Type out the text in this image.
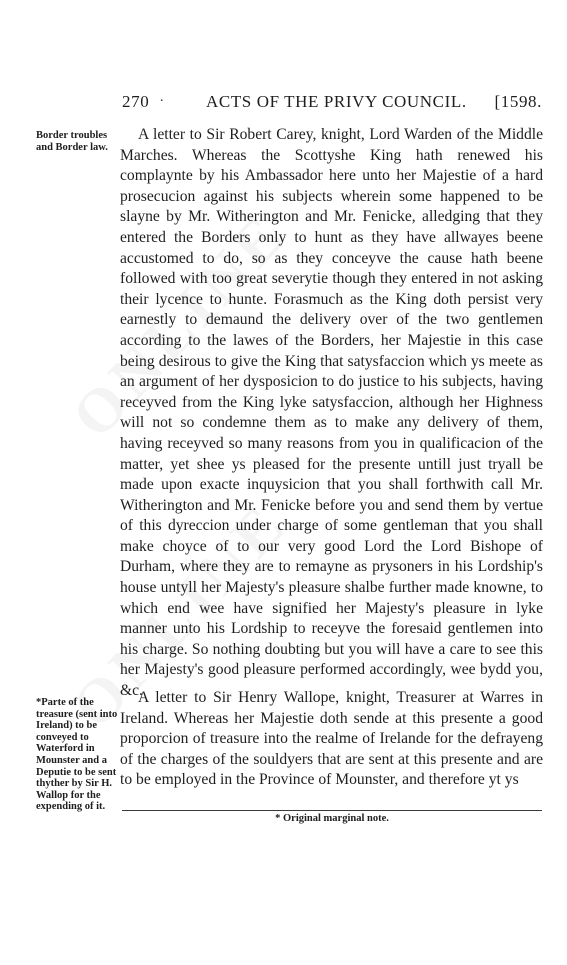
270 . ACTS OF THE PRIVY COUNCIL. [1598.

Border troubles and Border law.

A letter to Sir Robert Carey, knight, Lord Warden of the Middle Marches. Whereas the Scottyshe King hath renewed his complaynte by his Ambassador here unto her Majestie of a hard prosecucion against his subjects wherein some happened to be slayne by Mr. Witherington and Mr. Fenicke, alledging that they entered the Borders only to hunt as they have allwayes beene accustomed to do, so as they conceyve the cause hath beene followed with too great severytie though they entered in not asking their lycence to hunte. Forasmuch as the King doth persist very earnestly to demaund the delivery over of the two gentlemen according to the lawes of the Borders, her Majestie in this case being desirous to give the King that satysfaccion which ys meete as an argument of her dysposicion to do justice to his subjects, having receyved from the King lyke satysfaccion, although her Highness will not so condemne them as to make any delivery of them, having receyved so many reasons from you in qualificacion of the matter, yet shee ys pleased for the presente untill just tryall be made upon exacte inquysicion that you shall forthwith call Mr. Witherington and Mr. Fenicke before you and send them by vertue of this dyreccion under charge of some gentleman that you shall make choyce of to our very good Lord the Lord Bishope of Durham, where they are to remayne as prysoners in his Lordship's house untyll her Majesty's pleasure shalbe further made knowne, to which end wee have signified her Majesty's pleasure in lyke manner unto his Lordship to receyve the foresaid gentlemen into his charge. So nothing doubting but you will have a care to see this her Majesty's good pleasure performed accordingly, wee bydd you, &c.

*Parte of the treasure (sent into Ireland) to be conveyed to Waterford in Mounster and a Deputie to be sent thyther by Sir H. Wallop for the expending of it.

A letter to Sir Henry Wallope, knight, Treasurer at Warres in Ireland. Whereas her Majestie doth sende at this presente a good proporcion of treasure into the realme of Irelande for the defrayeng of the charges of the souldyers that are sent at this presente and are to be employed in the Province of Mounster, and therefore yt ys

* Original marginal note.
